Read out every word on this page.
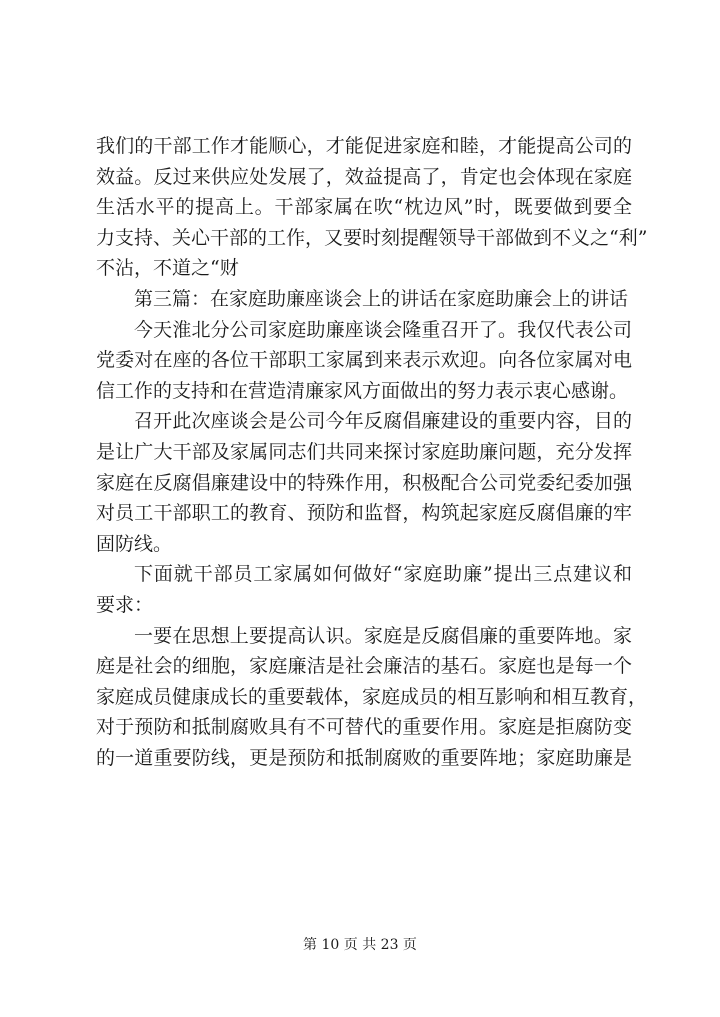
我们的干部工作才能顺心，才能促进家庭和睦，才能提高公司的
效益。反过来供应处发展了，效益提高了，肯定也会体现在家庭
生活水平的提高上。干部家属在吹“枕边风”时，既要做到要全
力支持、关心干部的工作，又要时刻提醒领导干部做到不义之“利”
不沾，不道之“财
第三篇：在家庭助廉座谈会上的讲话在家庭助廉会上的讲话
今天淮北分公司家庭助廉座谈会隆重召开了。我仅代表公司
党委对在座的各位干部职工家属到来表示欢迎。向各位家属对电
信工作的支持和在营造清廉家风方面做出的努力表示衷心感谢。
召开此次座谈会是公司今年反腐倡廉建设的重要内容，目的
是让广大干部及家属同志们共同来探讨家庭助廉问题，充分发挥
家庭在反腐倡廉建设中的特殊作用，积极配合公司党委纪委加强
对员工干部职工的教育、预防和监督，构筑起家庭反腐倡廉的牢
固防线。
下面就干部员工家属如何做好“家庭助廉”提出三点建议和
要求：
一要在思想上要提高认识。家庭是反腐倡廉的重要阵地。家
庭是社会的细胞，家庭廉洁是社会廉洁的基石。家庭也是每一个
家庭成员健康成长的重要载体，家庭成员的相互影响和相互教育，
对于预防和抵制腐败具有不可替代的重要作用。家庭是拒腐防变
的一道重要防线，更是预防和抵制腐败的重要阵地；家庭助廉是
第 10 页 共 23 页
